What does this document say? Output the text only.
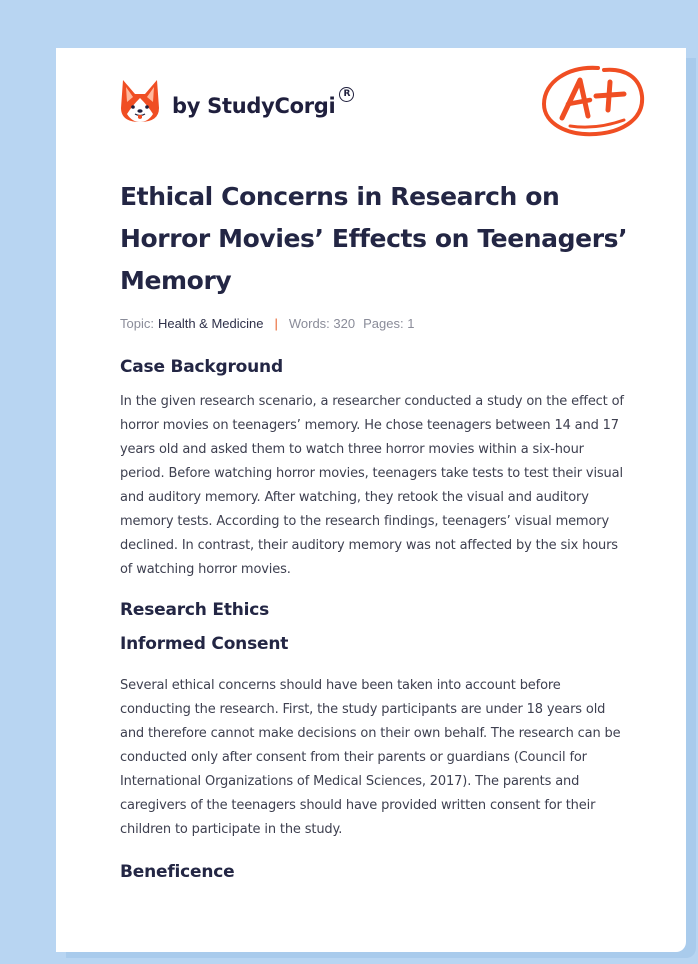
by StudyCorgi
R
Ethical Concerns in Research on Horror Movies’ Effects on Teenagers’ Memory
Topic: Health & Medicine | Words: 320 Pages: 1
Case Background

In the given research scenario, a researcher conducted a study on the effect of horror movies on teenagers’ memory. He chose teenagers between 14 and 17 years old and asked them to watch three horror movies within a six-hour period. Before watching horror movies, teenagers take tests to test their visual and auditory memory. After watching, they retook the visual and auditory memory tests. According to the research findings, teenagers’ visual memory declined. In contrast, their auditory memory was not affected by the six hours of watching horror movies.

Research Ethics
Informed Consent

Several ethical concerns should have been taken into account before conducting the research. First, the study participants are under 18 years old and therefore cannot make decisions on their own behalf. The research can be conducted only after consent from their parents or guardians (Council for International Organizations of Medical Sciences, 2017). The parents and caregivers of the teenagers should have provided written consent for their children to participate in the study.

Beneficence
